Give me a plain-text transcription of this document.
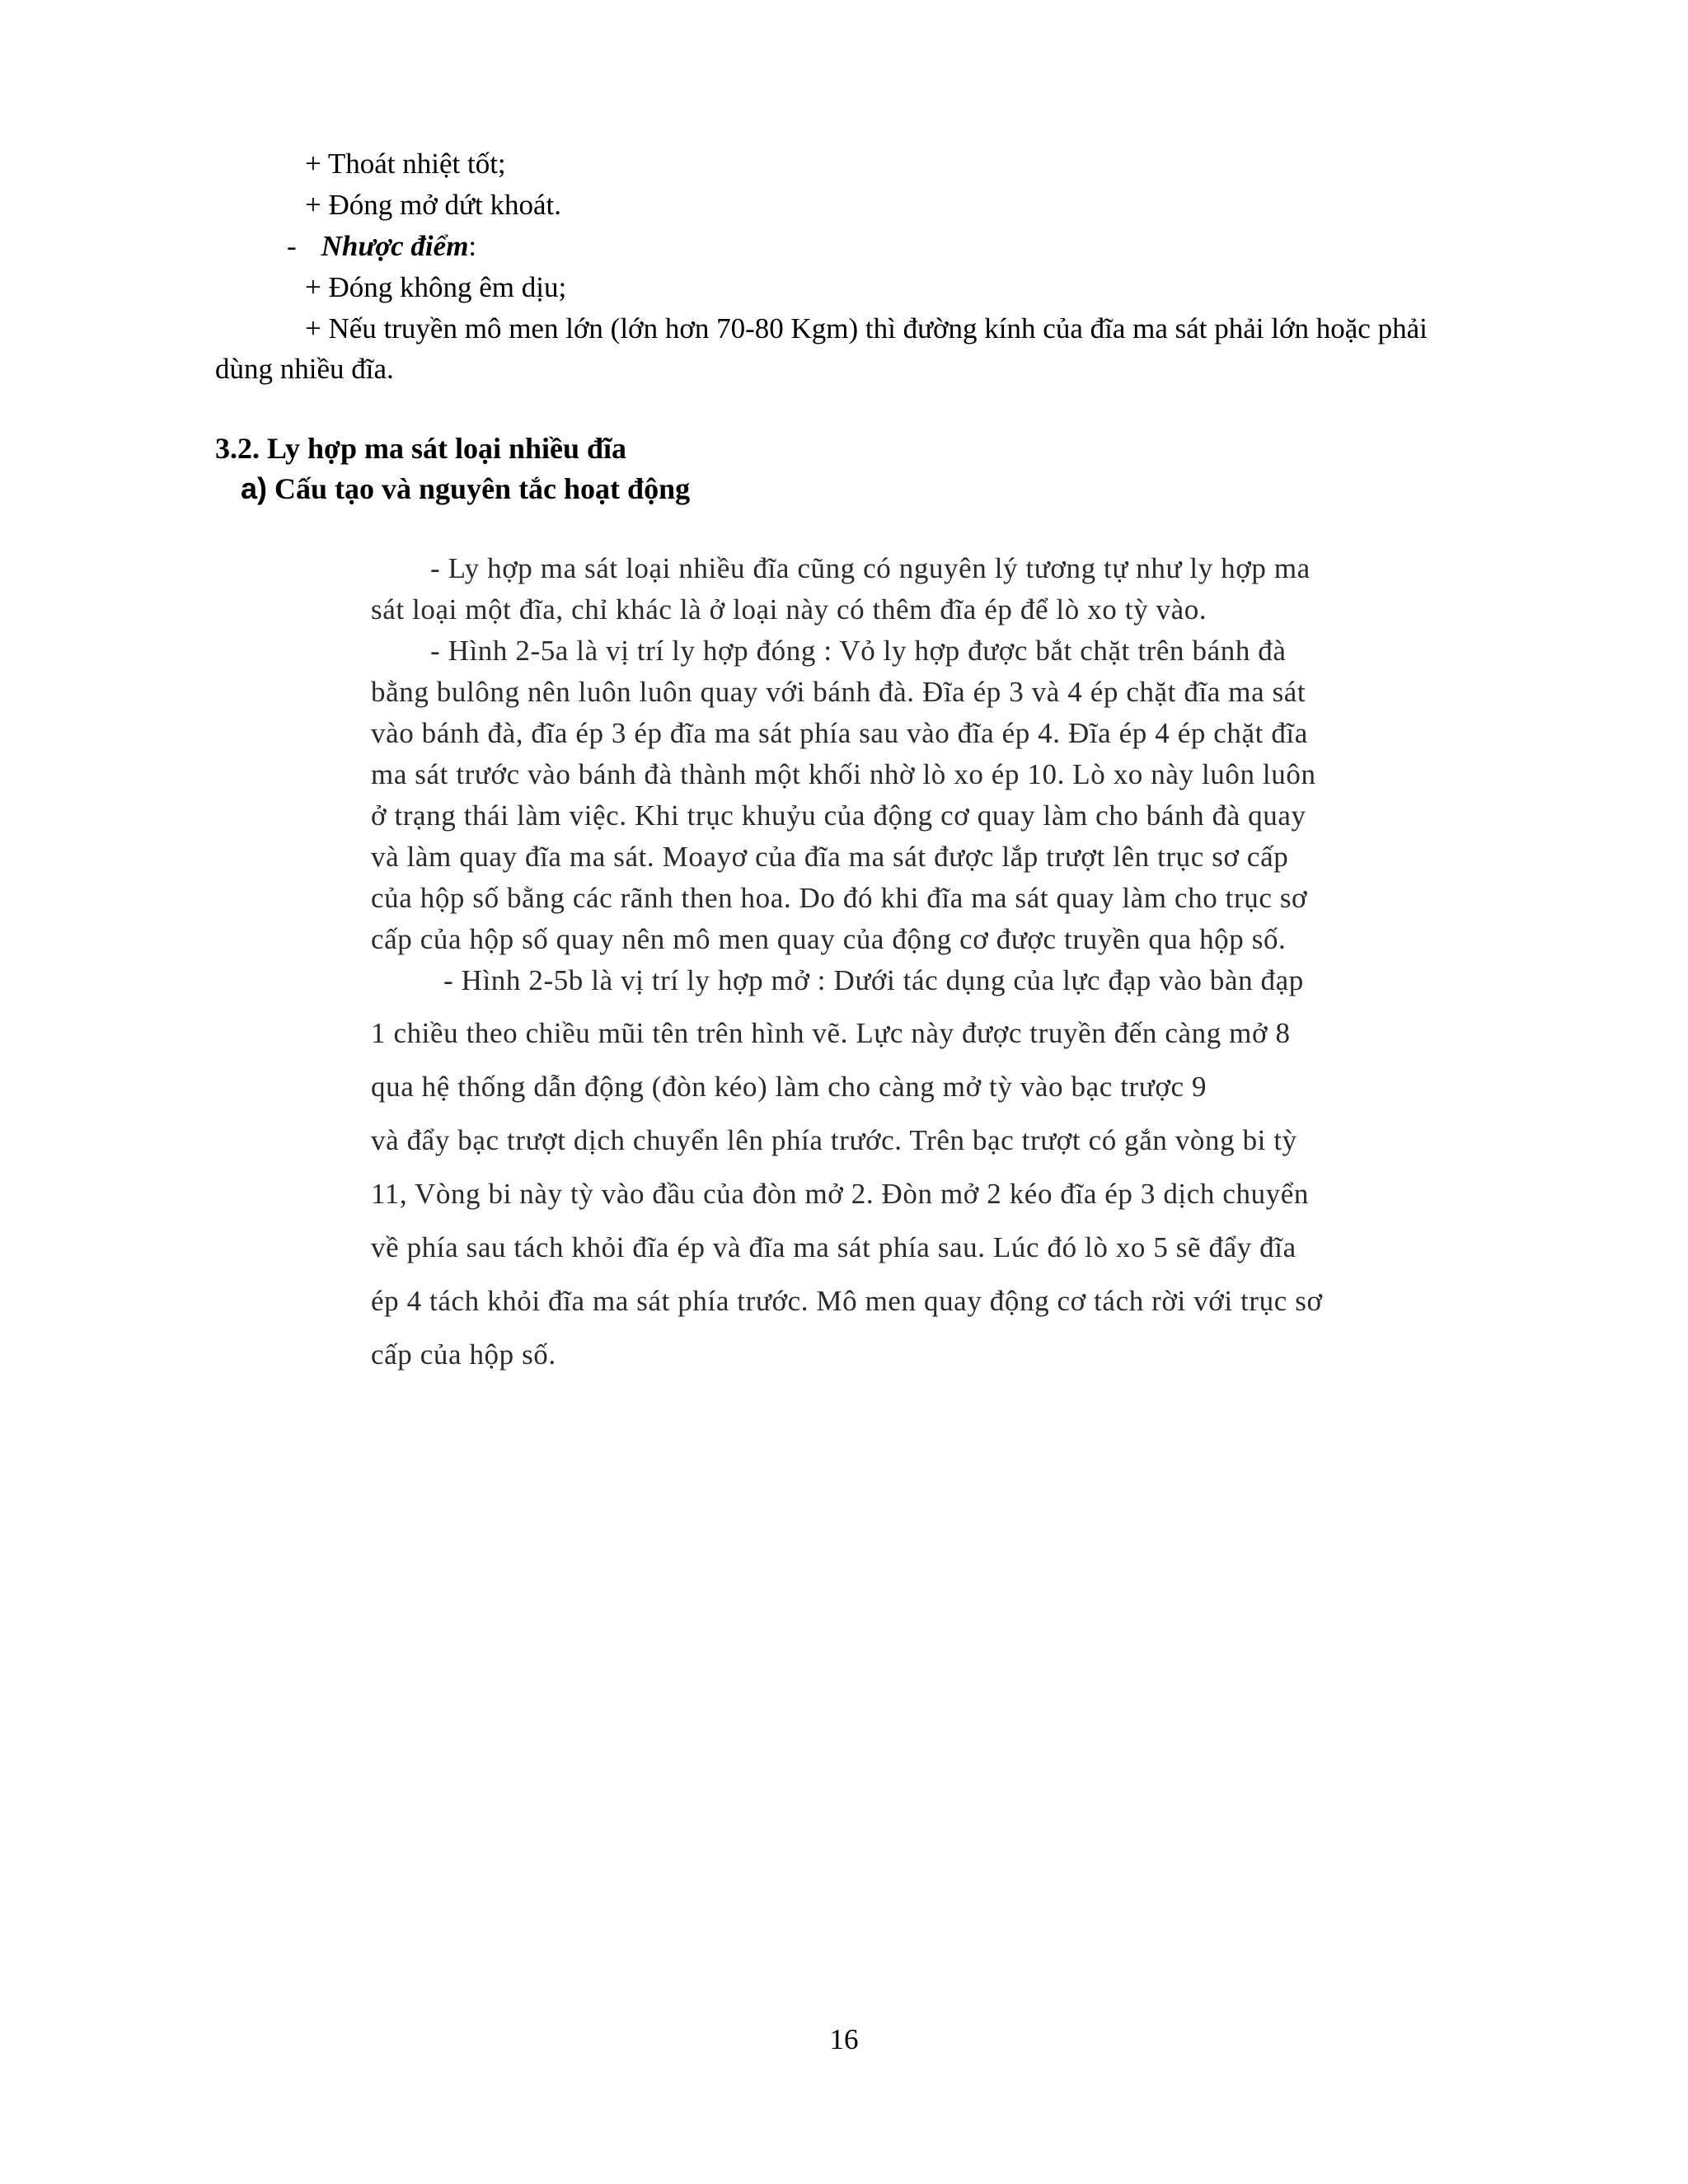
+ Thoát nhiệt tốt;
+ Đóng mở dứt khoát.
- Nhược điểm:
+ Đóng không êm dịu;
+ Nếu truyền mô men lớn (lớn hơn 70-80 Kgm) thì đường kính của đĩa ma sát phải lớn hoặc phải
dùng nhiều đĩa.
3.2. Ly hợp ma sát loại nhiều đĩa
a) Cấu tạo và nguyên tắc hoạt động
- Ly hợp ma sát loại nhiều đĩa cũng có nguyên lý tương tự như ly hợp ma
sát loại một đĩa, chỉ khác là ở loại này có thêm đĩa ép để lò xo tỳ vào.
- Hình 2-5a là vị trí ly hợp đóng : Vỏ ly hợp được bắt chặt trên bánh đà
bằng bulông nên luôn luôn quay với bánh đà. Đĩa ép 3 và 4 ép chặt đĩa ma sát
vào bánh đà, đĩa ép 3 ép đĩa ma sát phía sau vào đĩa ép 4. Đĩa ép 4 ép chặt đĩa
ma sát trước vào bánh đà thành một khối nhờ lò xo ép 10. Lò xo này luôn luôn
ở trạng thái làm việc. Khi trục khuỷu của động cơ quay làm cho bánh đà quay
và làm quay đĩa ma sát. Moayơ của đĩa ma sát được lắp trượt lên trục sơ cấp
của hộp số bằng các rãnh then hoa. Do đó khi đĩa ma sát quay làm cho trục sơ
cấp của hộp số quay nên mô men quay của động cơ được truyền qua hộp số.
- Hình 2-5b là vị trí ly hợp mở : Dưới tác dụng của lực đạp vào bàn đạp
1 chiều theo chiều mũi tên trên hình vẽ. Lực này được truyền đến càng mở 8
qua hệ thống dẫn động (đòn kéo) làm cho càng mở tỳ vào bạc trược 9
và đẩy bạc trượt dịch chuyển lên phía trước. Trên bạc trượt có gắn vòng bi tỳ
11, Vòng bi này tỳ vào đầu của đòn mở 2. Đòn mở 2 kéo đĩa ép 3 dịch chuyển
về phía sau tách khỏi đĩa ép và đĩa ma sát phía sau. Lúc đó lò xo 5 sẽ đẩy đĩa
ép 4 tách khỏi đĩa ma sát phía trước. Mô men quay động cơ tách rời với trục sơ
cấp của hộp số.
16
